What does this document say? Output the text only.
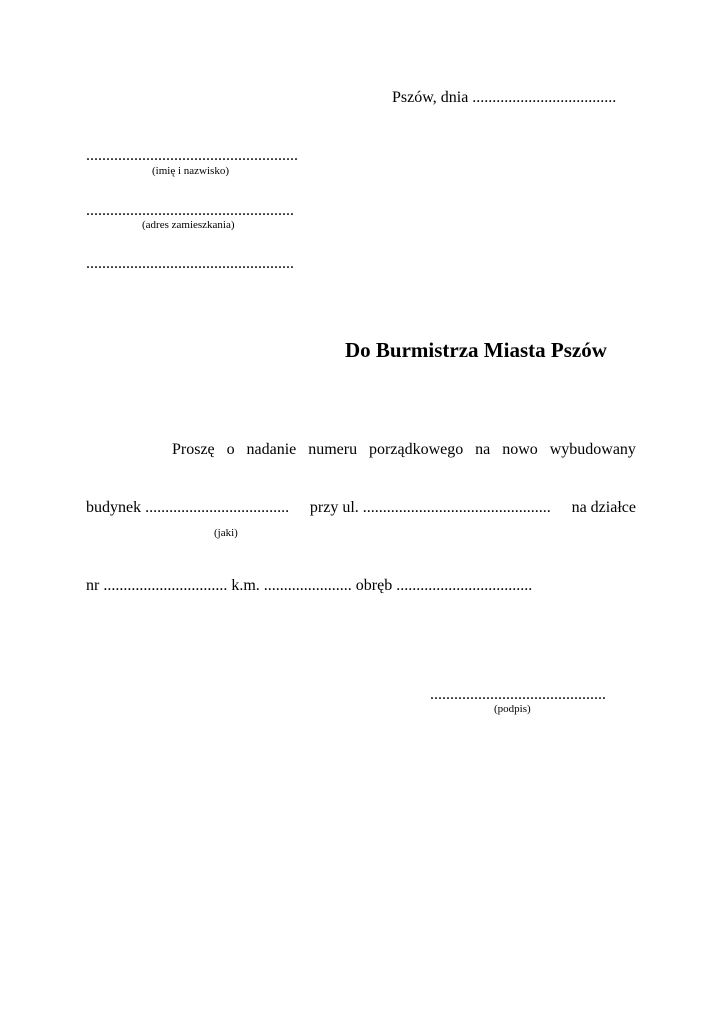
Pszów, dnia ....................................
.....................................................
(imię i nazwisko)
....................................................
(adres zamieszkania)
....................................................
Do Burmistrza Miasta Pszów
Proszę o nadanie numeru porządkowego na nowo wybudowany
budynek .................................... przy ul. ............................................... na działce
(jaki)
nr ............................... k.m. ...................... obręb ..................................
............................................
(podpis)
